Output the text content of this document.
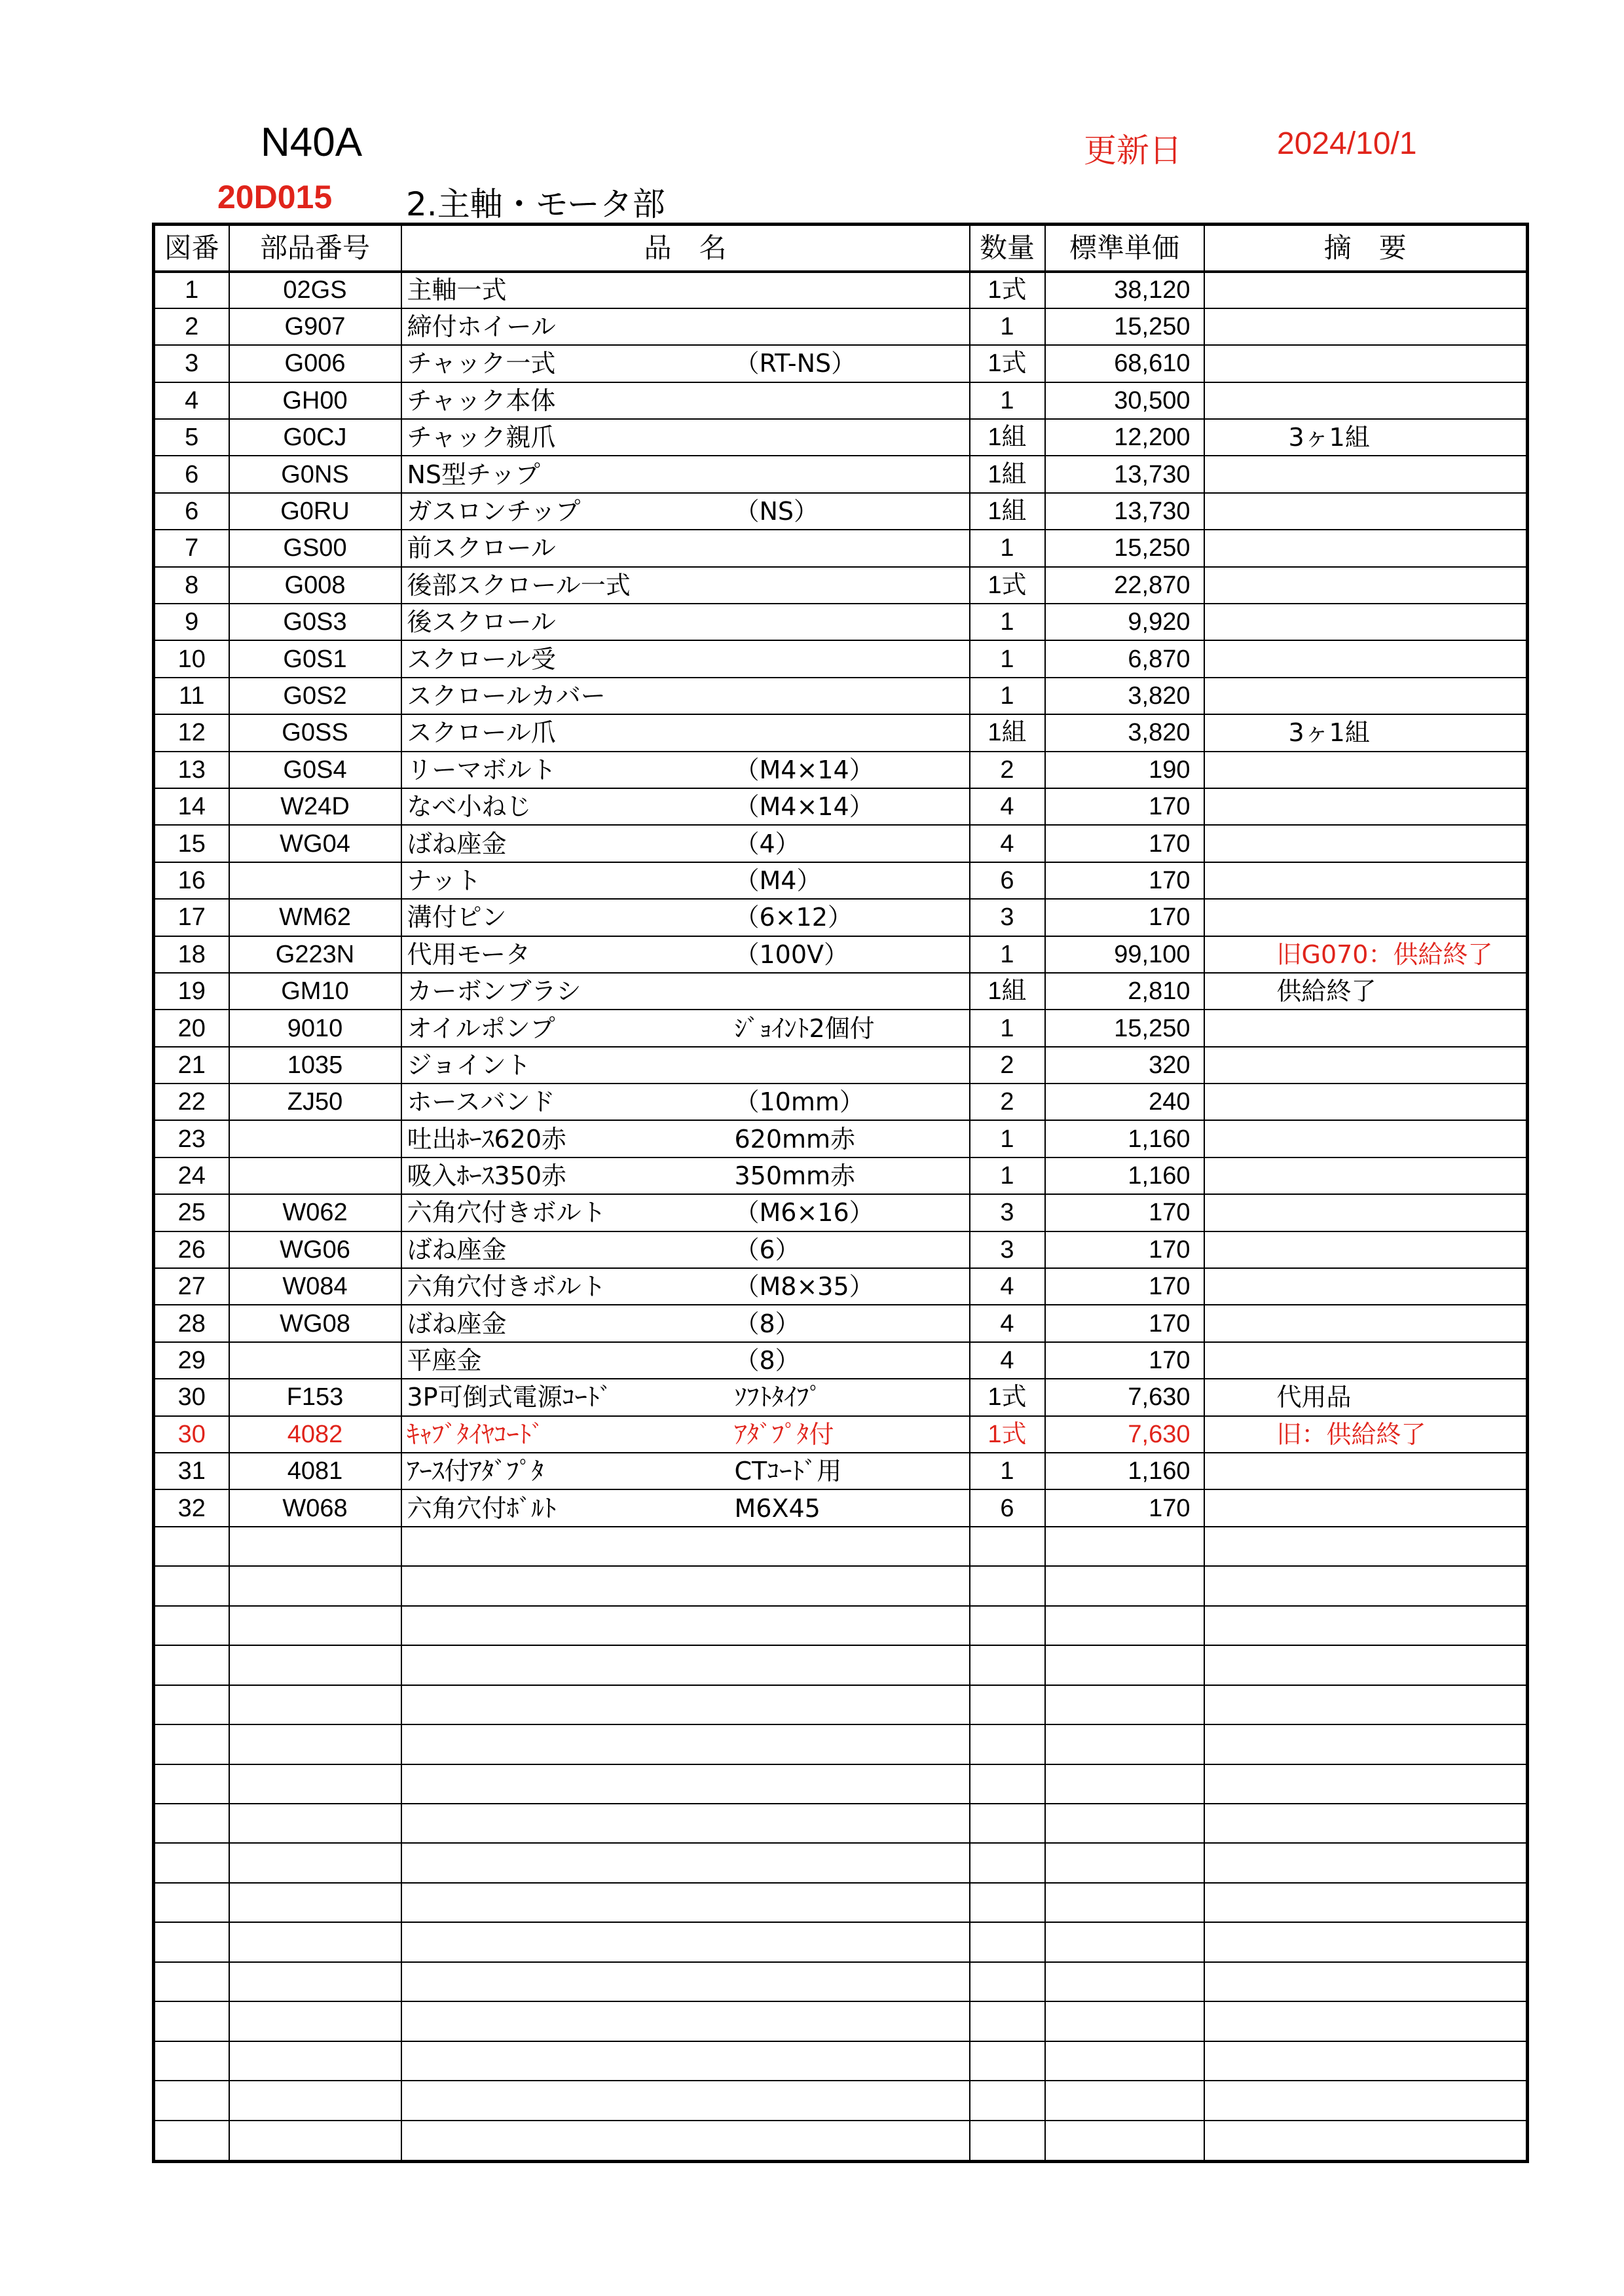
N40A	更新日	2024/10/1
20D015 2.主軸・モータ部
図番	部品番号	品　名	数量	標準単価	摘　要
1	02GS	主軸一式	1式	38,120	
2	G907	締付ホイール	1	15,250	
3	G006	チャック一式 （RT-NS）	1式	68,610	
4	GH00	チャック本体	1	30,500	
5	G0CJ	チャック親爪	1組	12,200	3ヶ1組
6	G0NS	NS型チップ	1組	13,730	
6	G0RU	ガスロンチップ （NS）	1組	13,730	
7	GS00	前スクロール	1	15,250	
8	G008	後部スクロール一式	1式	22,870	
9	G0S3	後スクロール	1	9,920	
10	G0S1	スクロール受	1	6,870	
11	G0S2	スクロールカバー	1	3,820	
12	G0SS	スクロール爪	1組	3,820	3ヶ1組
13	G0S4	リーマボルト （M4×14）	2	190	
14	W24D	なべ小ねじ （M4×14）	4	170	
15	WG04	ばね座金 （4）	4	170	
16		ナット （M4）	6	170	
17	WM62	溝付ピン （6×12）	3	170	
18	G223N	代用モータ （100V）	1	99,100	旧G070：供給終了
19	GM10	カーボンブラシ	1組	2,810	供給終了
20	9010	オイルポンプ ｼﾞｮｲﾝﾄ2個付	1	15,250	
21	1035	ジョイント	2	320	
22	ZJ50	ホースバンド （10mm）	2	240	
23		吐出ﾎｰｽ620赤 620mm赤	1	1,160	
24		吸入ﾎｰｽ350赤 350mm赤	1	1,160	
25	W062	六角穴付きボルト （M6×16）	3	170	
26	WG06	ばね座金 （6）	3	170	
27	W084	六角穴付きボルト （M8×35）	4	170	
28	WG08	ばね座金 （8）	4	170	
29		平座金 （8）	4	170	
30	F153	3P可倒式電源ｺｰﾄﾞ ｿﾌﾄﾀｲﾌﾟ	1式	7,630	代用品
30	4082	ｷｬﾌﾞﾀｲﾔｺｰﾄﾞ ｱﾀﾞﾌﾟﾀ付	1式	7,630	旧：供給終了
31	4081	ｱｰｽ付ｱﾀﾞﾌﾟﾀ CTｺｰﾄﾞ用	1	1,160	
32	W068	六角穴付ﾎﾞﾙﾄ M6X45	6	170	
